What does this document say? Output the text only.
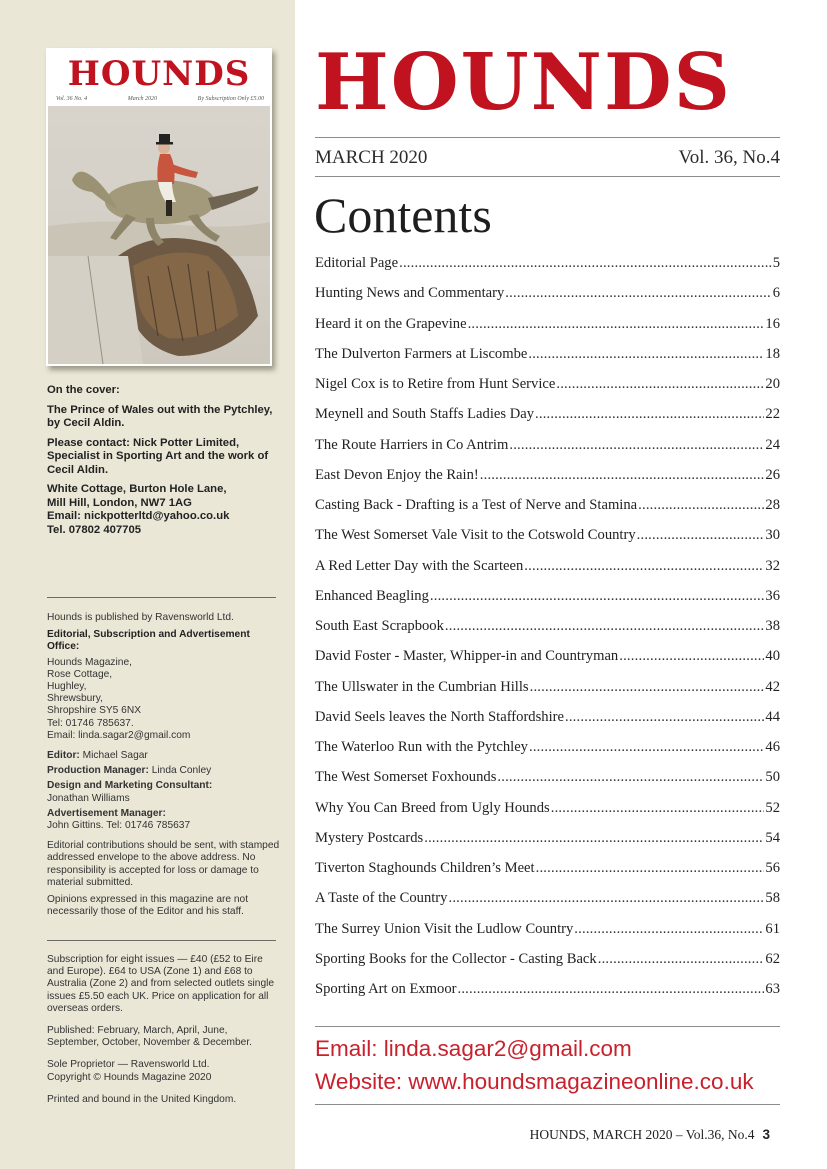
HOUNDS
Vol. 36 No. 4	March 2020	By Subscription Only £5.00

On the cover:

The Prince of Wales out with the Pytchley, by Cecil Aldin.

Please contact: Nick Potter Limited, Specialist in Sporting Art and the work of Cecil Aldin.

White Cottage, Burton Hole Lane,
Mill Hill, London, NW7 1AG
Email: nickpotterltd@yahoo.co.uk
Tel. 07802 407705

Hounds is published by Ravensworld Ltd.

Editorial, Subscription and Advertisement Office:
Hounds Magazine,
Rose Cottage,
Hughley,
Shrewsbury,
Shropshire SY5 6NX
Tel: 01746 785637.
Email: linda.sagar2@gmail.com

Editor: Michael Sagar

Production Manager: Linda Conley

Design and Marketing Consultant:
Jonathan Williams
Advertisement Manager:
John Gittins. Tel: 01746 785637

Editorial contributions should be sent, with stamped addressed envelope to the above address. No responsibility is accepted for loss or damage to material submitted.

Opinions expressed in this magazine are not necessarily those of the Editor and his staff.

Subscription for eight issues — £40 (£52 to Eire and Europe). £64 to USA (Zone 1) and £68 to Australia (Zone 2) and from selected outlets single issues £5.50 each UK. Price on application for all overseas orders.

Published: February, March, April, June, September, October, November & December.

Sole Proprietor — Ravensworld Ltd.
Copyright © Hounds Magazine 2020
Printed and bound in the United Kingdom.
HOUNDS
MARCH 2020	Vol. 36, No.4
Contents
Editorial Page .....	5
Hunting News and Commentary .....	6
Heard it on the Grapevine .....	16
The Dulverton Farmers at Liscombe .....	18
Nigel Cox is to Retire from Hunt Service .....	20
Meynell and South Staffs Ladies Day .....	22
The Route Harriers in Co Antrim .....	24
East Devon Enjoy the Rain! .....	26
Casting Back - Drafting is a Test of Nerve and Stamina .....	28
The West Somerset Vale Visit to the Cotswold Country .....	30
A Red Letter Day with the Scarteen .....	32
Enhanced Beagling .....	36
South East Scrapbook .....	38
David Foster - Master, Whipper-in and Countryman .....	40
The Ullswater in the Cumbrian Hills .....	42
David Seels leaves the North Staffordshire .....	44
The Waterloo Run with the Pytchley .....	46
The West Somerset Foxhounds .....	50
Why You Can Breed from Ugly Hounds .....	52
Mystery Postcards .....	54
Tiverton Staghounds Children’s Meet .....	56
A Taste of the Country .....	58
The Surrey Union Visit the Ludlow Country .....	61
Sporting Books for the Collector - Casting Back .....	62
Sporting Art on Exmoor .....	63
Email: linda.sagar2@gmail.com
Website: www.houndsmagazineonline.co.uk
HOUNDS, MARCH 2020 – Vol.36, No.4 3
